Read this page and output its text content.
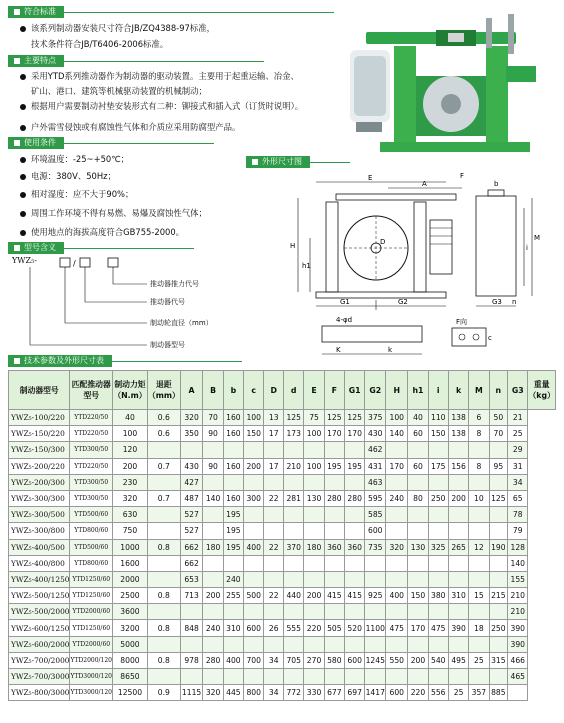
符合标准
该系列制动器安装尺寸符合JB/ZQ4388-97标准，
技术条件符合JB/T6406-2006标准。
主要特点
采用YTD系列推动器作为制动器的驱动装置。主要用于起重运输、冶金、
矿山、港口、建筑等机械驱动装置的机械制动；
根据用户需要制动衬垫安装形式有二种：铆接式和插入式（订货时说明）。
户外需雪侵蚀或有腐蚀性气体和介质应采用防腐型产品。
使用条件
环境温度：-25~+50℃；
电源：380V、50Hz；
相对湿度：应不大于90%；
周围工作环境不得有易燃、易爆及腐蚀性气体；
使用地点的海拔高度符合GB755-2000。
型号含义
/
YWZ₅-
推动器推力代号
推动器代号
制动轮直径（mm）
制动器型号
技术参数及外形尺寸表
外形尺寸图
E
A
F
b
D
H
h1
G1	G2
i
M
G3 n
4-φd
K	k
F向
c
制动器型号	匹配推动器型号	制动力矩（N.m）	退距（mm）	A	B	b	c	D	d	E	F	G1	G2	H	h1	i	k	M	n	G3	重量（kg）
YWZ₅-100/220	YTD220/50	40	0.6	320	70	160	100	13	125	75	125	125	375	100	40	110	138	6	50	21	
YWZ₅-150/220	YTD220/50	100	0.6	350	90	160	150	17	173	100	170	170	430	140	60	150	138	8	70	25	
YWZ₅-150/300	YTD300/50	120											462							29	
YWZ₅-200/220	YTD220/50	200	0.7	430	90	160	200	17	210	100	195	195	431	170	60	175	156	8	95	31	
YWZ₅-200/300	YTD300/50	230		427									463							34	
YWZ₅-300/300	YTD300/50	320	0.7	487	140	160	300	22	281	130	280	280	595	240	80	250	200	10	125	65	
YWZ₅-300/500	YTD500/60	630		527		195							585							78	
YWZ₅-300/800	YTD800/60	750		527		195							600							79	
YWZ₅-400/500	YTD500/60	1000	0.8	662	180	195	400	22	370	180	360	360	735	320	130	325	265	12	190	128	
YWZ₅-400/800	YTD800/60	1600		662																140	
YWZ₅-400/1250	YTD1250/60	2000		653		240														155	
YWZ₅-500/1250	YTD1250/60	2500	0.8	713	200	255	500	22	440	200	415	415	925	400	150	380	310	15	215	210	
YWZ₅-500/2000	YTD2000/60	3600																		210	
YWZ₅-600/1250	YTD1250/60	3200	0.8	848	240	310	600	26	555	220	505	520	1100	475	170	475	390	18	250	390	
YWZ₅-600/2000	YTD2000/60	5000																		390	
YWZ₅-700/2000	YTD2000/120	8000	0.8	978	280	400	700	34	705	270	580	600	1245	550	200	540	495	25	315	466	
YWZ₅-700/3000	YTD3000/120	8650																		465	
YWZ₅-800/3000	YTD3000/120	12500	0.9	1115	320	445	800	34	772	330	677	697	1417	600	220	556	25	357	885		
